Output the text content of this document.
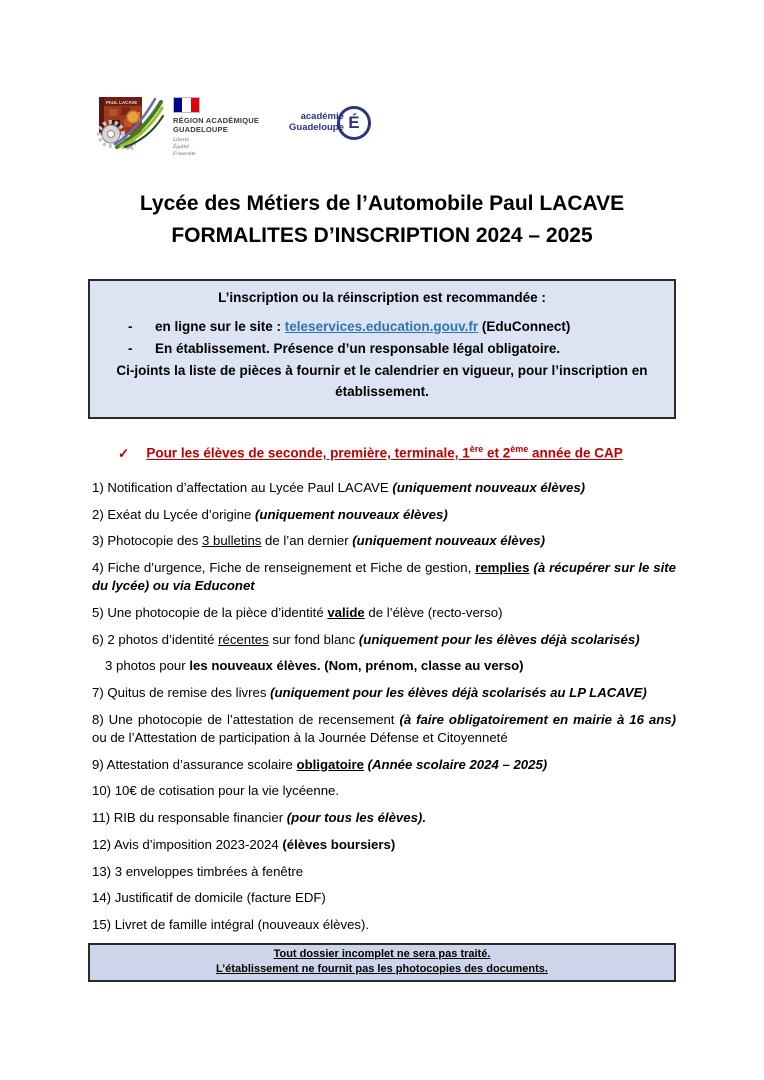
PAUL LACAVE
RÉGION ACADÉMIQUE
GUADELOUPE
Liberté
Égalité
Fraternité
académie
Guadeloupe É
Lycée des Métiers de l’Automobile Paul LACAVE
FORMALITES D’INSCRIPTION 2024 – 2025
L’inscription ou la réinscription est recommandée :
-	en ligne sur le site : teleservices.education.gouv.fr (EduConnect)
-	En établissement. Présence d’un responsable légal obligatoire.
Ci-joints la liste de pièces à fournir et le calendrier en vigueur, pour l’inscription en établissement.
✓ Pour les élèves de seconde, première, terminale, 1ère et 2ème année de CAP

1) Notification d’affectation au Lycée Paul LACAVE (uniquement nouveaux élèves)

2) Exéat du Lycée d’origine (uniquement nouveaux élèves)

3) Photocopie des 3 bulletins de l’an dernier (uniquement nouveaux élèves)

4) Fiche d’urgence, Fiche de renseignement et Fiche de gestion, remplies (à récupérer sur le site du lycée) ou via Educonet

5) Une photocopie de la pièce d’identité valide de l’élève (recto-verso)

6) 2 photos d’identité récentes sur fond blanc (uniquement pour les élèves déjà scolarisés)

3 photos pour les nouveaux élèves. (Nom, prénom, classe au verso)

7) Quitus de remise des livres (uniquement pour les élèves déjà scolarisés au LP LACAVE)

8) Une photocopie de l’attestation de recensement (à faire obligatoirement en mairie à 16 ans) ou de l’Attestation de participation à la Journée Défense et Citoyenneté

9) Attestation d’assurance scolaire obligatoire (Année scolaire 2024 – 2025)

10) 10€ de cotisation pour la vie lycéenne.

11) RIB du responsable financier (pour tous les élèves).

12) Avis d’imposition 2023-2024 (élèves boursiers)

13) 3 enveloppes timbrées à fenêtre

14) Justificatif de domicile (facture EDF)

15) Livret de famille intégral (nouveaux élèves).

Tout dossier incomplet ne sera pas traité.
L’établissement ne fournit pas les photocopies des documents.
